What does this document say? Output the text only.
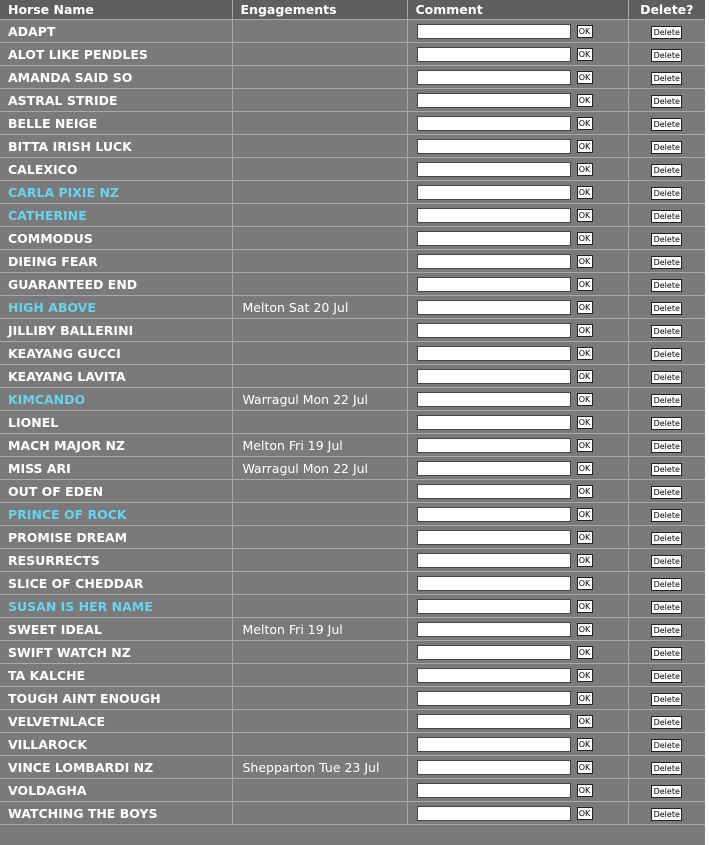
Horse Name	Engagements	Comment	Delete?
ADAPT		OK	Delete
ALOT LIKE PENDLES		OK	Delete
AMANDA SAID SO		OK	Delete
ASTRAL STRIDE		OK	Delete
BELLE NEIGE		OK	Delete
BITTA IRISH LUCK		OK	Delete
CALEXICO		OK	Delete
CARLA PIXIE NZ		OK	Delete
CATHERINE		OK	Delete
COMMODUS		OK	Delete
DIEING FEAR		OK	Delete
GUARANTEED END		OK	Delete
HIGH ABOVE	Melton Sat 20 Jul	OK	Delete
JILLIBY BALLERINI		OK	Delete
KEAYANG GUCCI		OK	Delete
KEAYANG LAVITA		OK	Delete
KIMCANDO	Warragul Mon 22 Jul	OK	Delete
LIONEL		OK	Delete
MACH MAJOR NZ	Melton Fri 19 Jul	OK	Delete
MISS ARI	Warragul Mon 22 Jul	OK	Delete
OUT OF EDEN		OK	Delete
PRINCE OF ROCK		OK	Delete
PROMISE DREAM		OK	Delete
RESURRECTS		OK	Delete
SLICE OF CHEDDAR		OK	Delete
SUSAN IS HER NAME		OK	Delete
SWEET IDEAL	Melton Fri 19 Jul	OK	Delete
SWIFT WATCH NZ		OK	Delete
TA KALCHE		OK	Delete
TOUGH AINT ENOUGH		OK	Delete
VELVETNLACE		OK	Delete
VILLAROCK		OK	Delete
VINCE LOMBARDI NZ	Shepparton Tue 23 Jul	OK	Delete
VOLDAGHA		OK	Delete
WATCHING THE BOYS		OK	Delete
